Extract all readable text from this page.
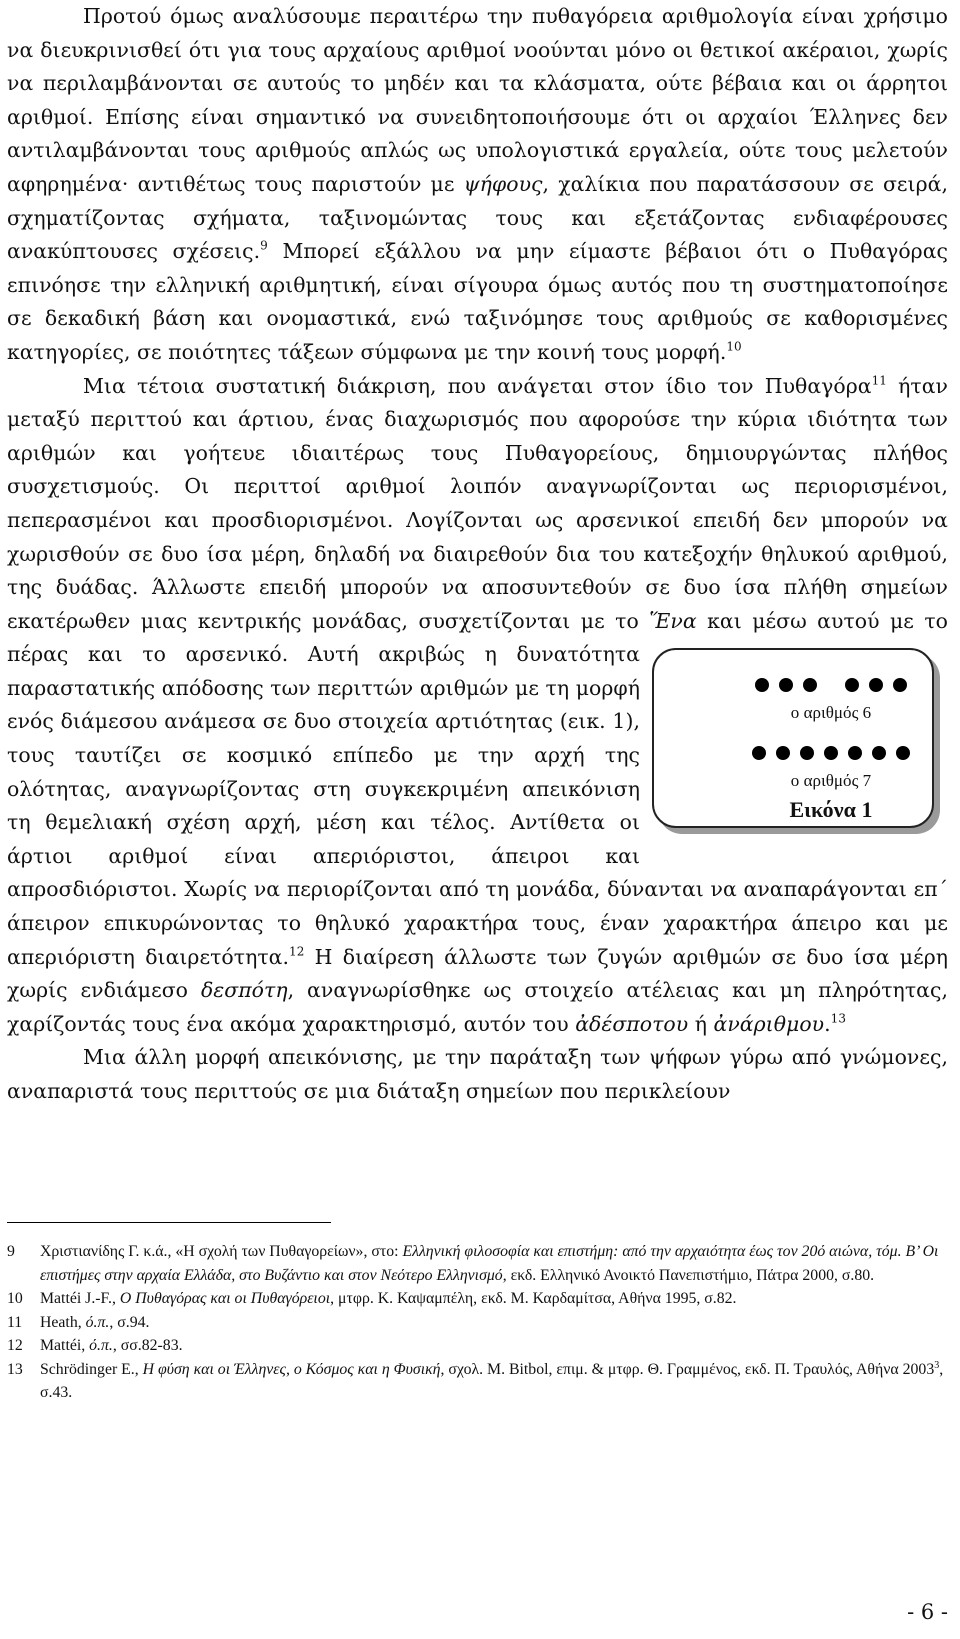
Προτού όμως αναλύσουμε περαιτέρω την πυθαγόρεια αριθμολογία είναι χρήσιμο να διευκρινισθεί ότι για τους αρχαίους αριθμοί νοούνται μόνο οι θετικοί ακέραιοι, χωρίς να περιλαμβάνονται σε αυτούς το μηδέν και τα κλάσματα, ούτε βέβαια και οι άρρητοι αριθμοί. Επίσης είναι σημαντικό να συνειδητοποιήσουμε ότι οι αρχαίοι Έλληνες δεν αντιλαμβάνονται τους αριθμούς απλώς ως υπολογιστικά εργαλεία, ούτε τους μελετούν αφηρημένα· αντιθέτως τους παριστούν με ψήφους, χαλίκια που παρατάσσουν σε σειρά, σχηματίζοντας σχήματα, ταξινομώντας τους και εξετάζοντας ενδιαφέρουσες ανακύπτουσες σχέσεις.$^9$ Μπορεί εξάλλου να μην είμαστε βέβαιοι ότι ο Πυθαγόρας επινόησε την ελληνική αριθμητική, είναι σίγουρα όμως αυτός που τη συστηματοποίησε σε δεκαδική βάση και ονομαστικά, ενώ ταξινόμησε τους αριθμούς σε καθορισμένες κατηγορίες, σε ποιότητες τάξεων σύμφωνα με την κοινή τους μορφή.$^{10}$

Μια τέτοια συστατική διάκριση, που ανάγεται στον ίδιο τον Πυθαγόρα$^{11}$ ήταν μεταξύ περιττού και άρτιου, ένας διαχωρισμός που αφορούσε την κύρια ιδιότητα των αριθμών και γοήτευε ιδιαιτέρως τους Πυθαγορείους, δημιουργώντας πλήθος συσχετισμούς. Οι περιττοί αριθμοί λοιπόν αναγνωρίζονται ως περιορισμένοι, πεπερασμένοι και προσδιορισμένοι. Λογίζονται ως αρσενικοί επειδή δεν μπορούν να χωρισθούν σε δυο ίσα μέρη, δηλαδή να διαιρεθούν δια του κατεξοχήν θηλυκού αριθμού, της δυάδας. Άλλωστε επειδή μπορούν να αποσυντεθούν σε δυο ίσα πλήθη σημείων εκατέρωθεν μιας κεντρικής μονάδας, συσχετίζονται με το Ἕνα
ο αριθμός 6
ο αριθμός 7
Εικόνα 1
και μέσω αυτού με το πέρας και το αρσενικό. Αυτή ακριβώς η δυνατότητα παραστατικής απόδοσης των περιττών αριθμών με τη μορφή ενός διάμεσου ανάμεσα σε δυο στοιχεία αρτιότητας (εικ. 1), τους ταυτίζει σε κοσμικό επίπεδο με την αρχή της ολότητας, αναγνωρίζοντας στη συγκεκριμένη απεικόνιση τη θεμελιακή σχέση αρχή, μέση και τέλος. Αντίθετα οι άρτιοι αριθμοί είναι απεριόριστοι, άπειροι και απροσδιόριστοι. Χωρίς να περιορίζονται από τη μονάδα, δύνανται να αναπαράγονται επ΄ άπειρον επικυρώνοντας το θηλυκό χαρακτήρα τους, έναν χαρακτήρα άπειρο και με απεριόριστη διαιρετότητα.$^{12}$ Η διαίρεση άλλωστε των ζυγών αριθμών σε δυο ίσα μέρη χωρίς ενδιάμεσο δεσπότη, αναγνωρίσθηκε ως στοιχείο ατέλειας και μη πληρότητας, χαρίζοντάς τους ένα ακόμα χαρακτηρισμό, αυτόν του ἀδέσποτου ή ἀνάριθμου.$^{13}$

Μια άλλη μορφή απεικόνισης, με την παράταξη των ψήφων γύρω από γνώμονες, αναπαριστά τους περιττούς σε μια διάταξη σημείων που περικλείουν

9	Χριστιανίδης Γ. κ.ά., «Η σχολή των Πυθαγορείων», στο: Ελληνική φιλοσοφία και επιστήμη: από την αρχαιότητα έως τον 20ό αιώνα, τόμ. Β’ Οι επιστήμες στην αρχαία Ελλάδα, στο Βυζάντιο και στον Νεότερο Ελληνισμό, εκδ. Ελληνικό Ανοικτό Πανεπιστήμιο, Πάτρα 2000, σ.80.
10	Mattéi J.-F., Ο Πυθαγόρας και οι Πυθαγόρειοι, μτφρ. Κ. Καψαμπέλη, εκδ. Μ. Καρδαμίτσα, Αθήνα 1995, σ.82.
11	Heath, ό.π., σ.94.
12	Mattéi, ό.π., σσ.82-83.
13	Schrödinger E., Η φύση και οι Έλληνες, ο Κόσμος και η Φυσική, σχολ. M. Bitbol, επιμ. & μτφρ. Θ. Γραμμένος, εκδ. Π. Τραυλός, Αθήνα 2003$^3$, σ.43.
- 6 -
